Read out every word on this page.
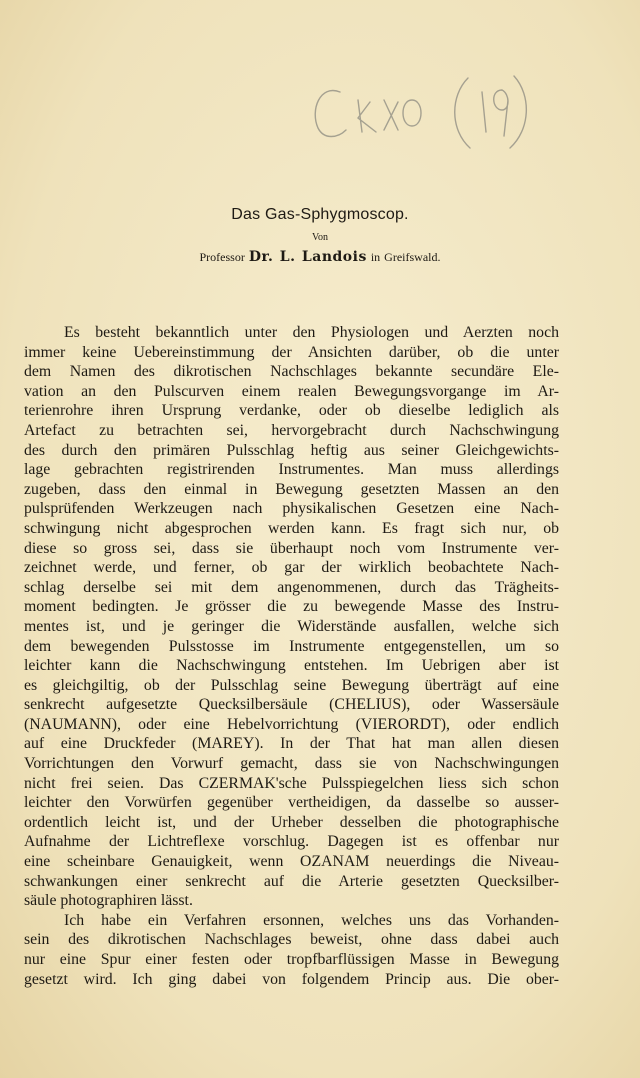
Das Gas-Sphygmoscop.
Von
Professor Dr. L. Landois in Greifswald.
Es besteht bekanntlich unter den Physiologen und Aerzten noch
immer keine Uebereinstimmung der Ansichten darüber, ob die unter
dem Namen des dikrotischen Nachschlages bekannte secundäre Ele-
vation an den Pulscurven einem realen Bewegungsvorgange im Ar-
terienrohre ihren Ursprung verdanke, oder ob dieselbe lediglich als
Artefact zu betrachten sei, hervorgebracht durch Nachschwingung
des durch den primären Pulsschlag heftig aus seiner Gleichgewichts-
lage gebrachten registrirenden Instrumentes. Man muss allerdings
zugeben, dass den einmal in Bewegung gesetzten Massen an den
pulsprüfenden Werkzeugen nach physikalischen Gesetzen eine Nach-
schwingung nicht abgesprochen werden kann. Es fragt sich nur, ob
diese so gross sei, dass sie überhaupt noch vom Instrumente ver-
zeichnet werde, und ferner, ob gar der wirklich beobachtete Nach-
schlag derselbe sei mit dem angenommenen, durch das Trägheits-
moment bedingten. Je grösser die zu bewegende Masse des Instru-
mentes ist, und je geringer die Widerstände ausfallen, welche sich
dem bewegenden Pulsstosse im Instrumente entgegenstellen, um so
leichter kann die Nachschwingung entstehen. Im Uebrigen aber ist
es gleichgiltig, ob der Pulsschlag seine Bewegung überträgt auf eine
senkrecht aufgesetzte Quecksilbersäule (CHELIUS), oder Wassersäule
(NAUMANN), oder eine Hebelvorrichtung (VIERORDT), oder endlich
auf eine Druckfeder (MAREY). In der That hat man allen diesen
Vorrichtungen den Vorwurf gemacht, dass sie von Nachschwingungen
nicht frei seien. Das CZERMAK'sche Pulsspiegelchen liess sich schon
leichter den Vorwürfen gegenüber vertheidigen, da dasselbe so ausser-
ordentlich leicht ist, und der Urheber desselben die photographische
Aufnahme der Lichtreflexe vorschlug. Dagegen ist es offenbar nur
eine scheinbare Genauigkeit, wenn OZANAM neuerdings die Niveau-
schwankungen einer senkrecht auf die Arterie gesetzten Quecksilber-
säule photographiren lässt.
Ich habe ein Verfahren ersonnen, welches uns das Vorhanden-
sein des dikrotischen Nachschlages beweist, ohne dass dabei auch
nur eine Spur einer festen oder tropfbarflüssigen Masse in Bewegung
gesetzt wird. Ich ging dabei von folgendem Princip aus. Die ober-
